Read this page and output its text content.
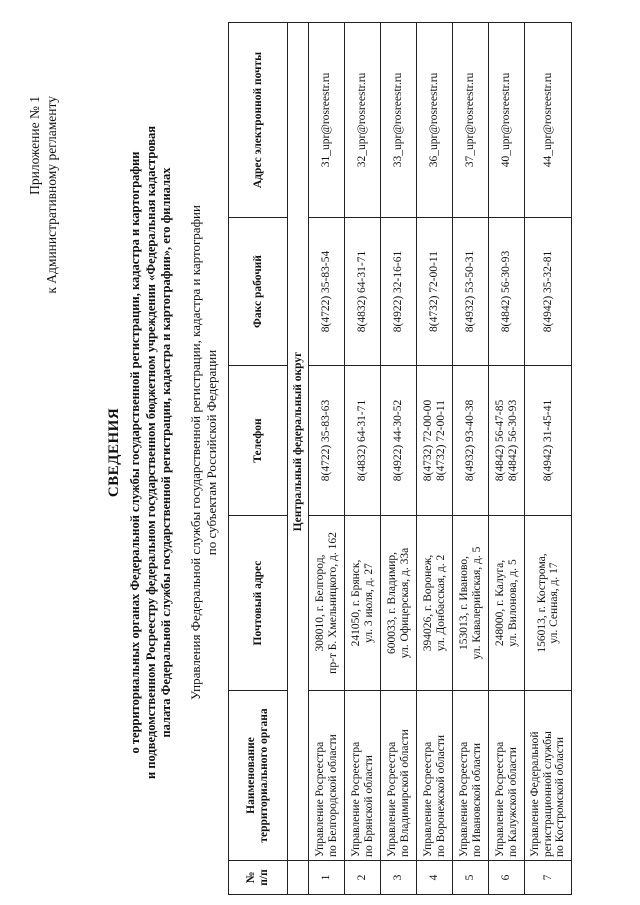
Приложение № 1 к Административному регламенту
СВЕДЕНИЯ о территориальных органах Федеральной службы государственной регистрации, кадастра и картографии и подведомственном Росреестру федеральном государственном бюджетном учреждении «Федеральная кадастровая палата Федеральной службы государственной регистрации, кадастра и картографии», его филиалах Управления Федеральной службы государственной регистрации, кадастра и картографии по субъектам Российской Федерации
№ п/п	Наименование территориального органа	Почтовый адрес	Телефон	Факс рабочий	Адрес электронной почты
	Центральный федеральный округ				
1	Управление Росреестра по Белгородской области	308010, г. Белгород, пр-т Б. Хмельницкого, д. 162	8(4722) 35-83-63	8(4722) 35-83-54	31_upr@rosreestr.ru
2	Управление Росреестра по Брянской области	241050, г. Брянск, ул. 3 июля, д. 27	8(4832) 64-31-71	8(4832) 64-31-71	32_upr@rosreestr.ru
3	Управление Росреестра по Владимирской области	600033, г. Владимир, ул. Офицерская, д. 33а	8(4922) 44-30-52	8(4922) 32-16-61	33_upr@rosreestr.ru
4	Управление Росреестра по Воронежской области	394026, г. Воронеж, ул. Донбасская, д. 2	8(4732) 72-00-00 8(4732) 72-00-11	8(4732) 72-00-11	36_upr@rosreestr.ru
5	Управление Росреестра по Ивановской области	153013, г. Иваново, ул. Кавалерийская, д. 5	8(4932) 93-40-38	8(4932) 53-50-31	37_upr@rosreestr.ru
6	Управление Росреестра по Калужской области	248000, г. Калуга, ул. Вилонова, д. 5	8(4842) 56-47-85 8(4842) 56-30-93	8(4842) 56-30-93	40_upr@rosreestr.ru
7	Управление Федеральной регистрационной службы по Костромской области	156013, г. Кострома, ул. Сенная, д. 17	8(4942) 31-45-41	8(4942) 35-32-81	44_upr@rosreestr.ru
